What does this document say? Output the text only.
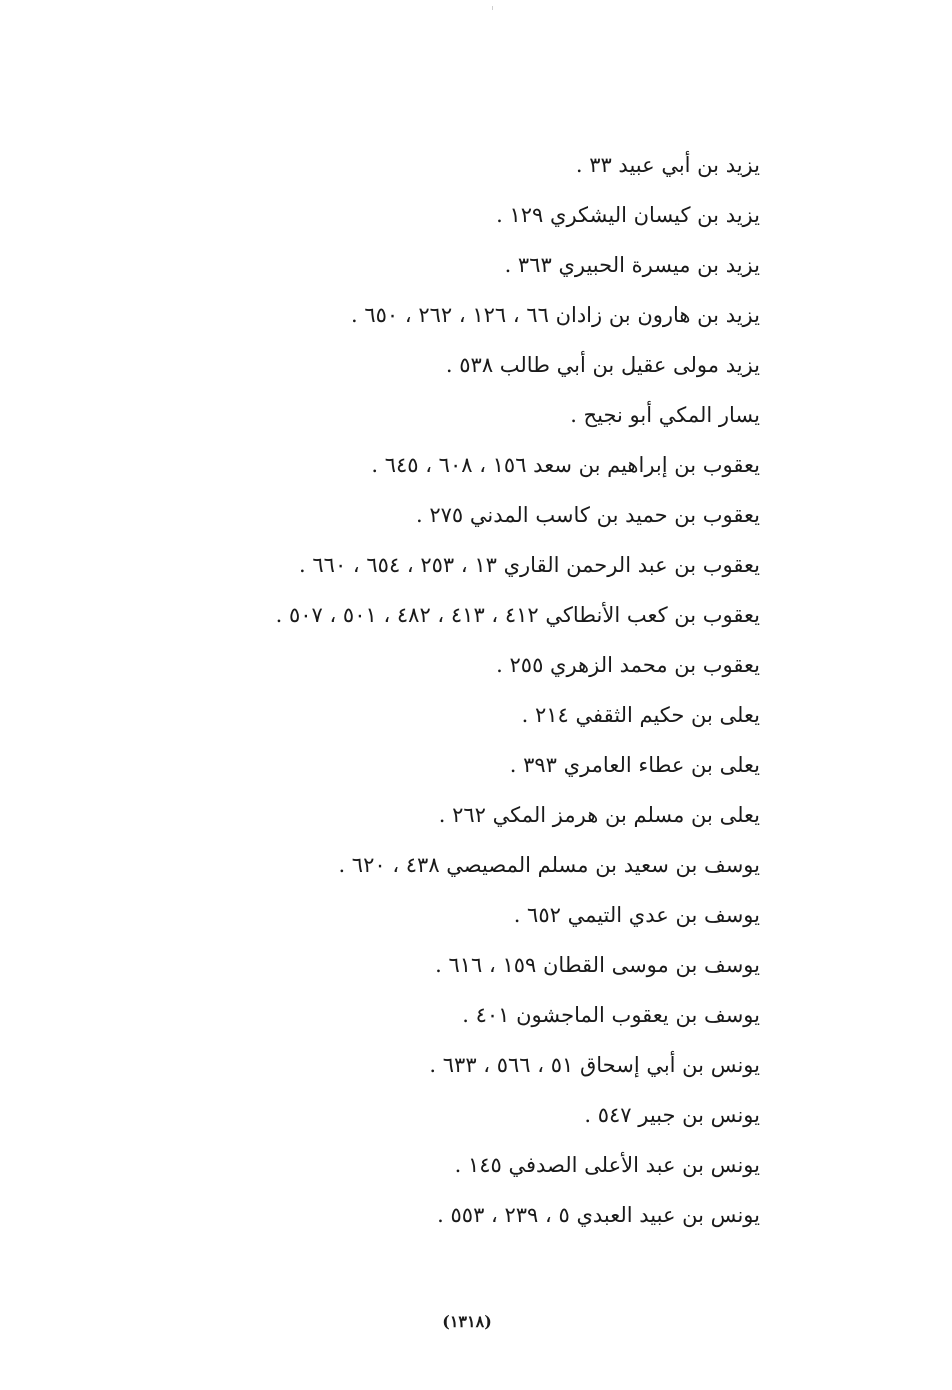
يزيد بن أبي عبيد ٣٣ .
يزيد بن كيسان اليشكري ١٢٩ .
يزيد بن ميسرة الحبيري ٣٦٣ .
يزيد بن هارون بن زادان ٦٦ ، ١٢٦ ، ٢٦٢ ، ٦٥٠ .
يزيد مولى عقيل بن أبي طالب ٥٣٨ .
يسار المكي أبو نجيح .
يعقوب بن إبراهيم بن سعد ١٥٦ ، ٦٠٨ ، ٦٤٥ .
يعقوب بن حميد بن كاسب المدني ٢٧٥ .
يعقوب بن عبد الرحمن القاري ١٣ ، ٢٥٣ ، ٦٥٤ ، ٦٦٠ .
يعقوب بن كعب الأنطاكي ٤١٢ ، ٤١٣ ، ٤٨٢ ، ٥٠١ ، ٥٠٧ .
يعقوب بن محمد الزهري ٢٥٥ .
يعلى بن حكيم الثقفي ٢١٤ .
يعلى بن عطاء العامري ٣٩٣ .
يعلى بن مسلم بن هرمز المكي ٢٦٢ .
يوسف بن سعيد بن مسلم المصيصي ٤٣٨ ، ٦٢٠ .
يوسف بن عدي التيمي ٦٥٢ .
يوسف بن موسى القطان ١٥٩ ، ٦١٦ .
يوسف بن يعقوب الماجشون ٤٠١ .
يونس بن أبي إسحاق ٥١ ، ٥٦٦ ، ٦٣٣ .
يونس بن جبير ٥٤٧ .
يونس بن عبد الأعلى الصدفي ١٤٥ .
يونس بن عبيد العبدي ٥ ، ٢٣٩ ، ٥٥٣ .
(١٣١٨)
